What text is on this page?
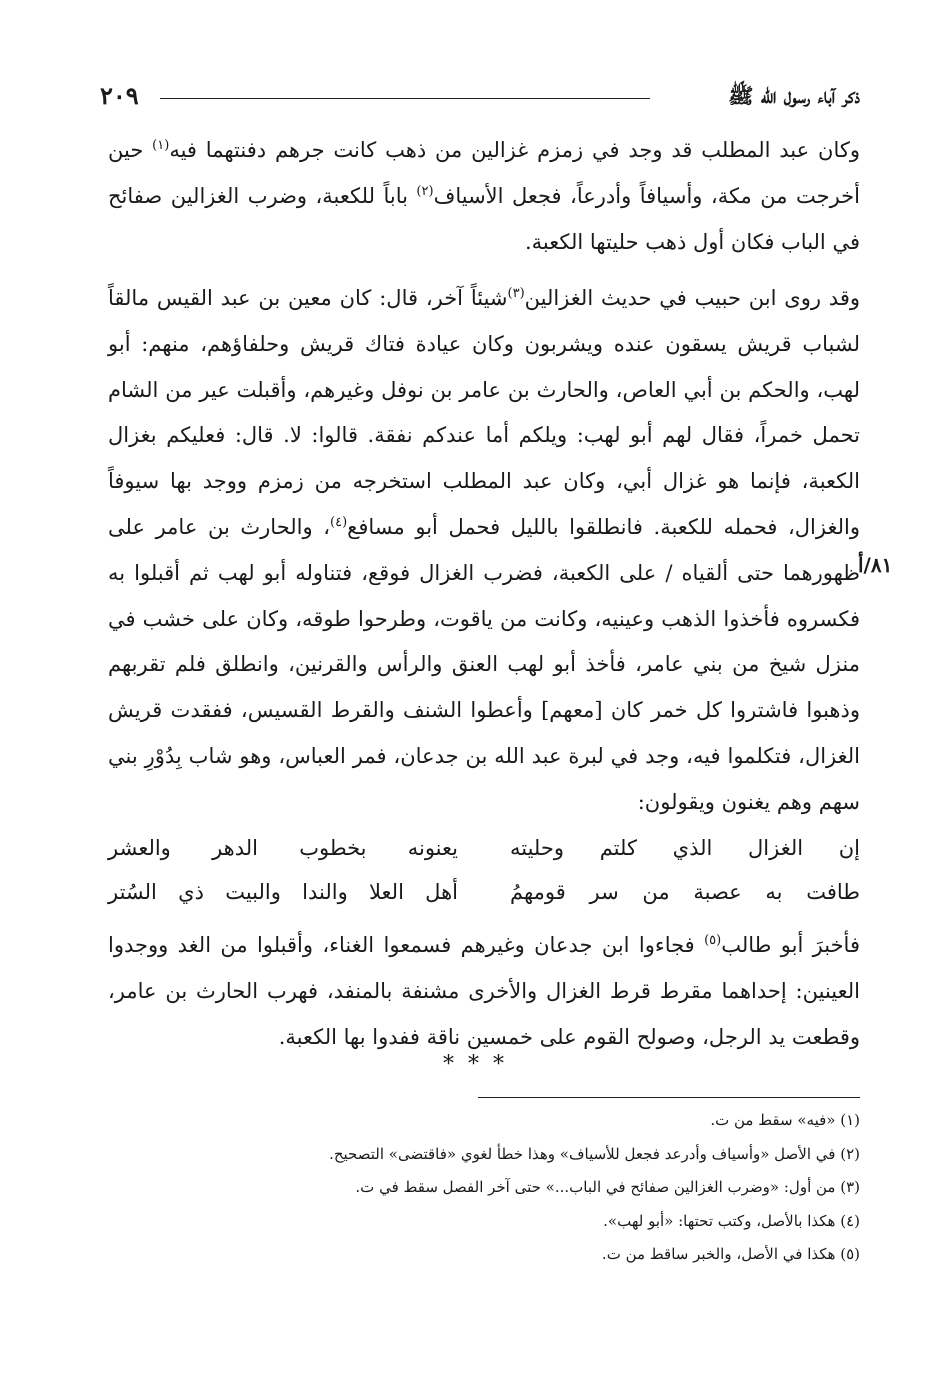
٢٠٩	ذكر آباء رسول الله ﷺ
٨١/أ

وكان عبد المطلب قد وجد في زمزم غزالين من ذهب كانت جرهم دفنتهما فيه$^{(١)}$ حين أخرجت من مكة، وأسيافاً وأدرعاً، فجعل الأسياف$^{(٢)}$ باباً للكعبة، وضرب الغزالين صفائح في الباب فكان أول ذهب حليتها الكعبة.

وقد روى ابن حبيب في حديث الغزالين$^{(٣)}$شيئاً آخر، قال: كان معين بن عبد القيس مالقاً لشباب قريش يسقون عنده ويشربون وكان عيادة فتاك قريش وحلفاؤهم، منهم: أبو لهب، والحكم بن أبي العاص، والحارث بن عامر بن نوفل وغيرهم، وأقبلت عير من الشام تحمل خمراً، فقال لهم أبو لهب: ويلكم أما عندكم نفقة. قالوا: لا. قال: فعليكم بغزال الكعبة، فإنما هو غزال أبي، وكان عبد المطلب استخرجه من زمزم ووجد بها سيوفاً والغزال، فحمله للكعبة. فانطلقوا بالليل فحمل أبو مسافع$^{(٤)}$، والحارث بن عامر على ظهورهما حتى ألقياه / على الكعبة، فضرب الغزال فوقع، فتناوله أبو لهب ثم أقبلوا به فكسروه فأخذوا الذهب وعينيه، وكانت من ياقوت، وطرحوا طوقه، وكان على خشب في منزل شيخ من بني عامر، فأخذ أبو لهب العنق والرأس والقرنين، وانطلق فلم تقربهم وذهبوا فاشتروا كل خمر كان [معهم] وأعطوا الشنف والقرط القسيس، ففقدت قريش الغزال، فتكلموا فيه، وجد في لبرة عبد الله بن جدعان، فمر العباس، وهو شاب بِدُوْرِ بني سهم وهم يغنون ويقولون:

إن الغزال الذي كلتم وحليته
يعنونه بخطوب الدهر والعشر
طافت به عصبة من سر قومهمُ
أهل العلا والندا والبيت ذي السُتر

فأخبرَ أبو طالب$^{(٥)}$ فجاءوا ابن جدعان وغيرهم فسمعوا الغناء، وأقبلوا من الغد ووجدوا العينين: إحداهما مقرط قرط الغزال والأخرى مشنفة بالمنفد، فهرب الحارث بن عامر، وقطعت يد الرجل، وصولح القوم على خمسين ناقة ففدوا بها الكعبة.

***
(١) «فيه» سقط من ت.
(٢) في الأصل «وأسياف وأدرعد فجعل للأسياف» وهذا خطأ لغوي «فاقتضى» التصحيح.
(٣) من أول: «وضرب الغزالين صفائح في الباب...» حتى آخر الفصل سقط في ت.
(٤) هكذا بالأصل، وكتب تحتها: «أبو لهب».
(٥) هكذا في الأصل، والخبر ساقط من ت.
